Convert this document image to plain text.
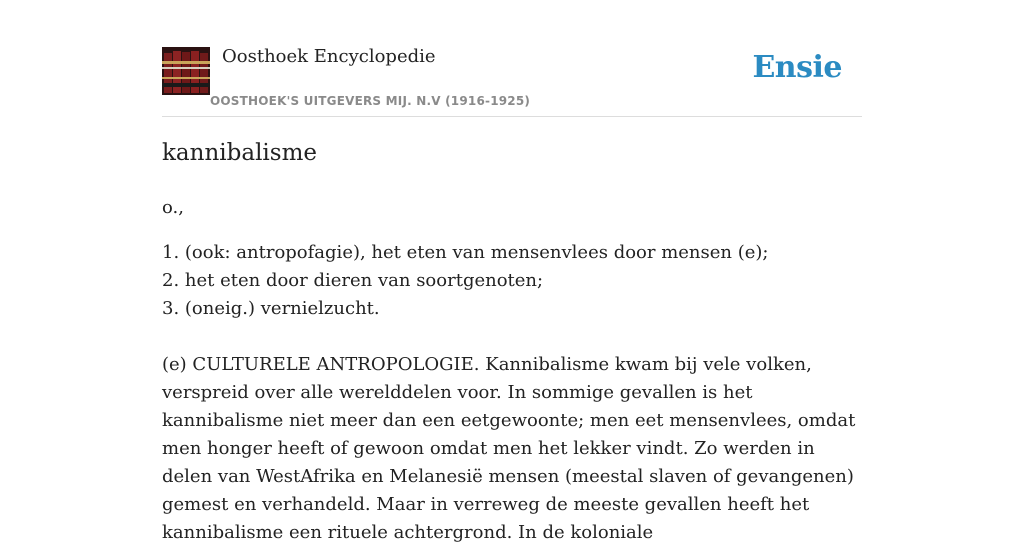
Oosthoek Encyclopedie
OOSTHOEK'S UITGEVERS MIJ. N.V (1916-1925)
Ensie
kannibalisme
o.,
1. (ook: antropofagie), het eten van mensenvlees door mensen (e);
2. het eten door dieren van soortgenoten;
3. (oneig.) vernielzucht.

(e) CULTURELE ANTROPOLOGIE. Kannibalisme kwam bij vele volken, verspreid over alle werelddelen voor. In sommige gevallen is het kannibalisme niet meer dan een eetgewoonte; men eet mensenvlees, omdat men honger heeft of gewoon omdat men het lekker vindt. Zo werden in delen van WestAfrika en Melanesië mensen (meestal slaven of gevangenen) gemest en verhandeld. Maar in verreweg de meeste gevallen heeft het kannibalisme een rituele achtergrond. In de koloniale
